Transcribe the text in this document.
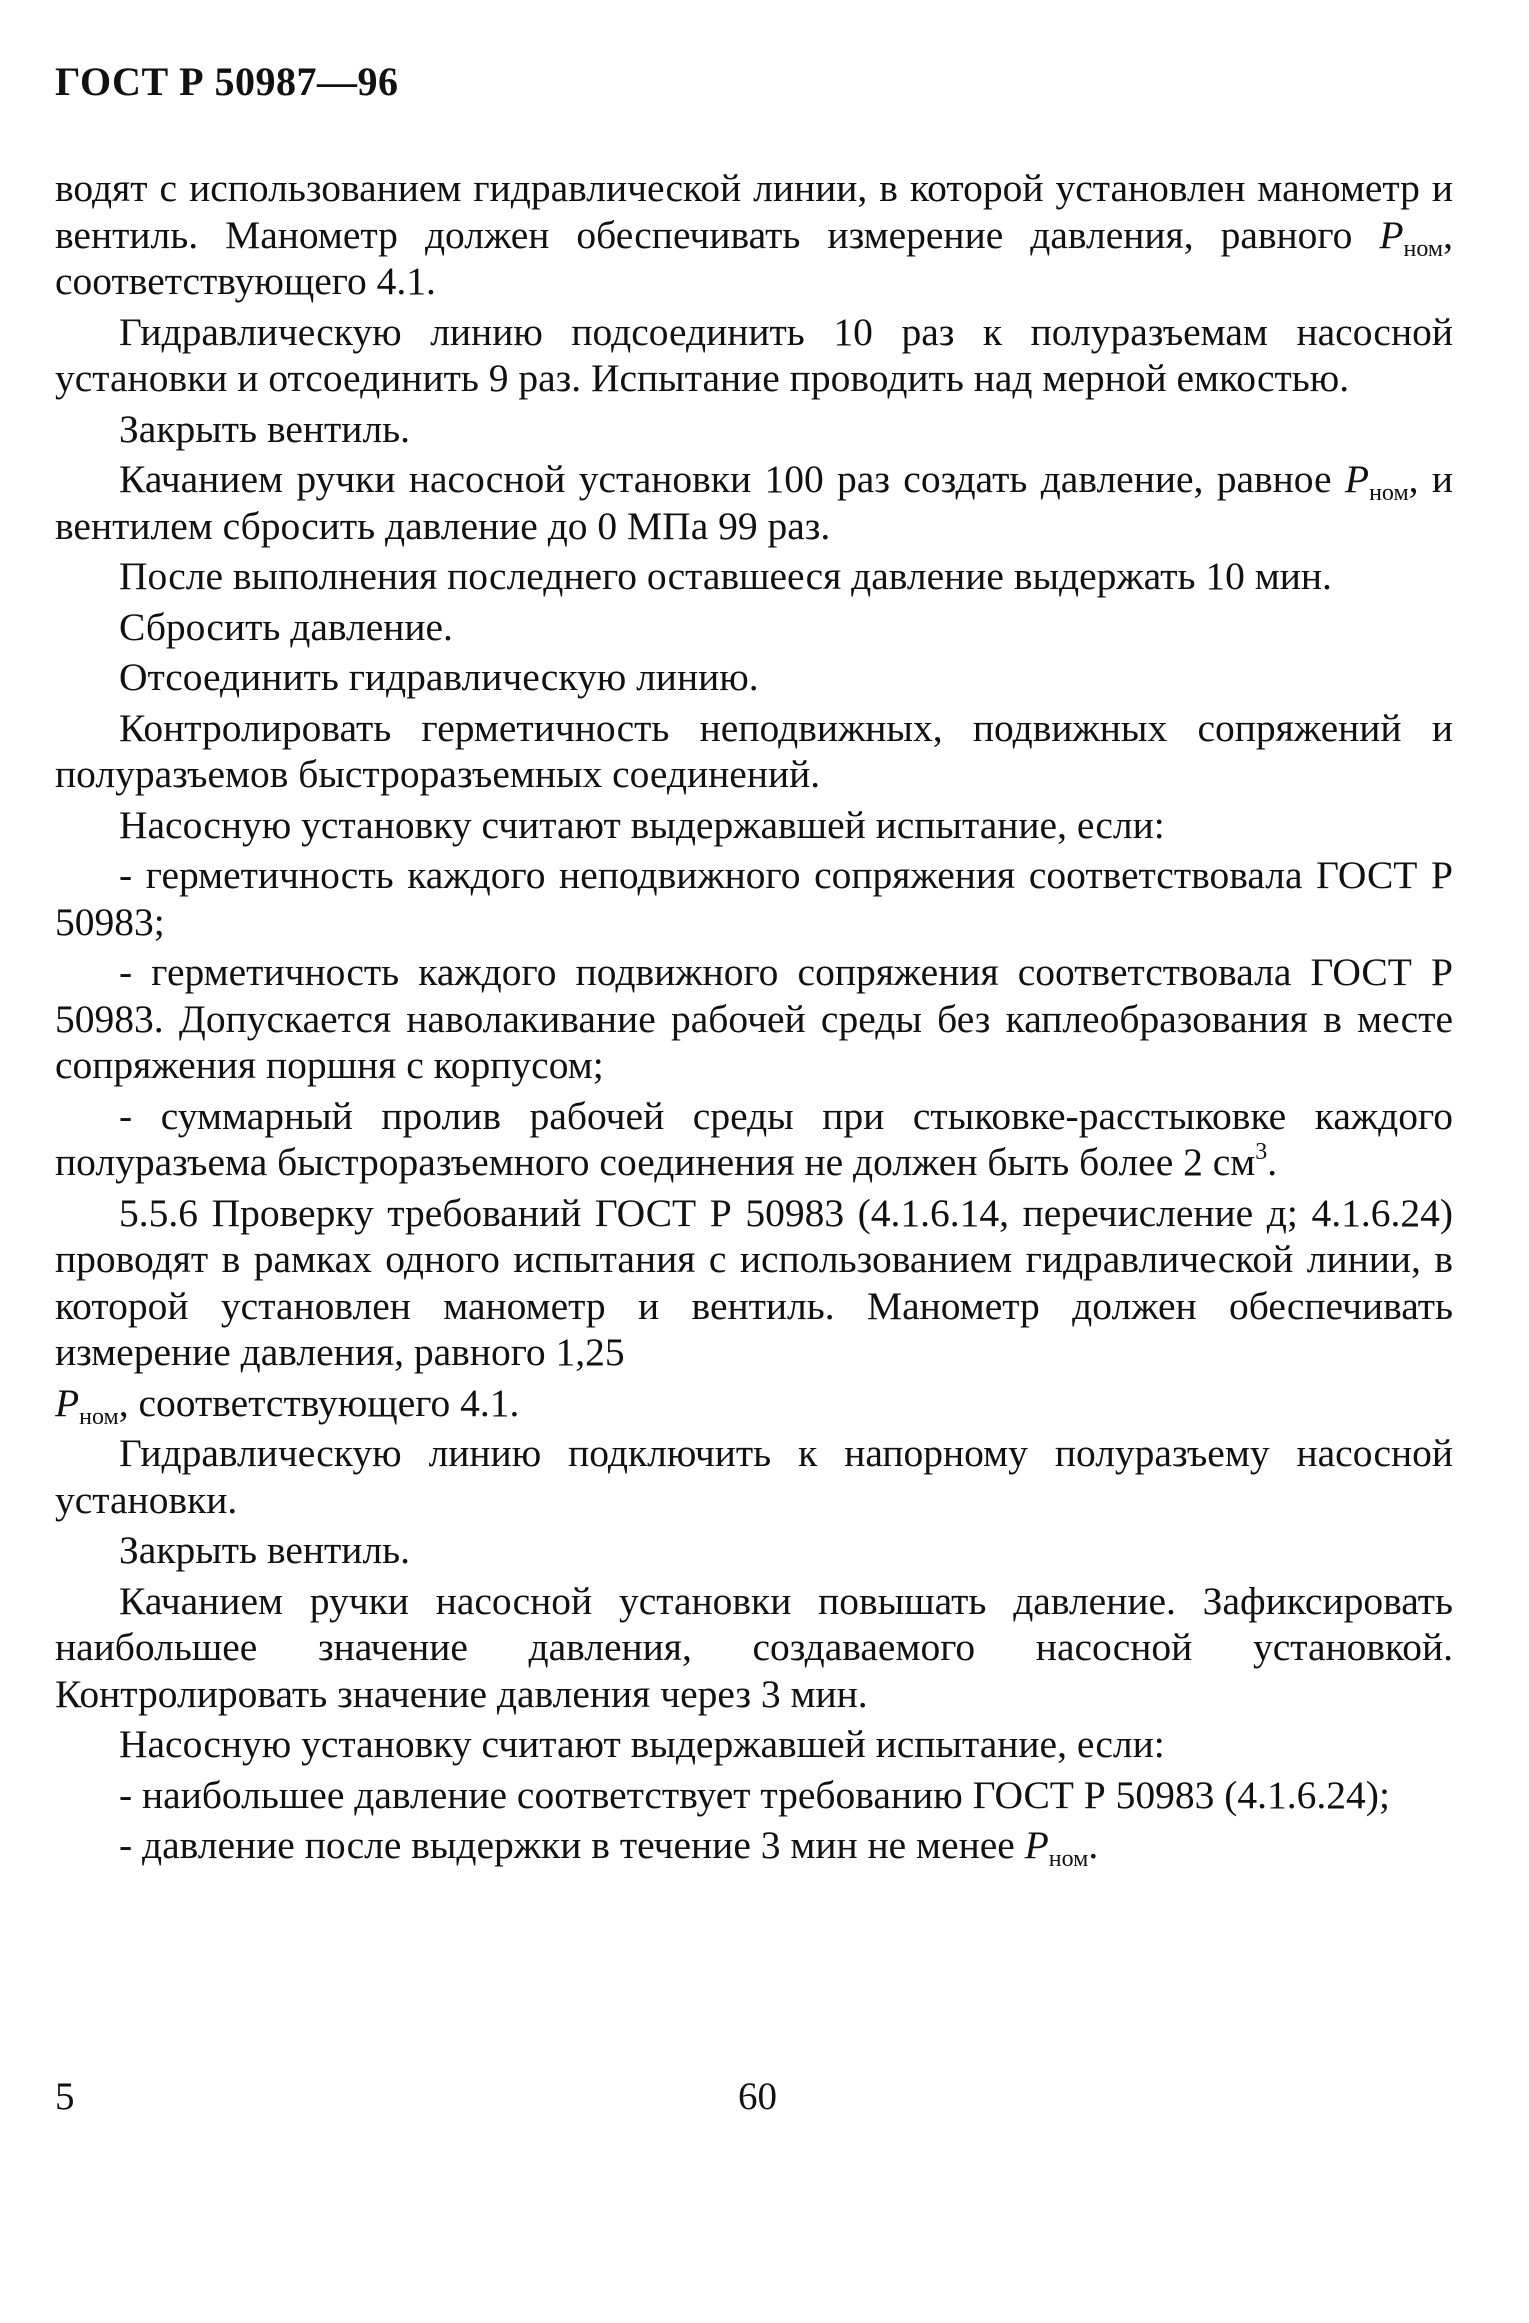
ГОСТ Р 50987—96

водят с использованием гидравлической линии, в которой установлен манометр и вентиль. Манометр должен обеспечивать измерение давления, равного $P_{ном}$, соответствующего 4.1.

Гидравлическую линию подсоединить 10 раз к полуразъемам насосной установки и отсоединить 9 раз. Испытание проводить над мерной емкостью.

Закрыть вентиль.

Качанием ручки насосной установки 100 раз создать давление, равное $P_{ном}$, и вентилем сбросить давление до 0 МПа 99 раз.

После выполнения последнего оставшееся давление выдержать 10 мин.

Сбросить давление.

Отсоединить гидравлическую линию.

Контролировать герметичность неподвижных, подвижных сопряжений и полуразъемов быстроразъемных соединений.

Насосную установку считают выдержавшей испытание, если:

- герметичность каждого неподвижного сопряжения соответствовала ГОСТ Р 50983;

- герметичность каждого подвижного сопряжения соответствовала ГОСТ Р 50983. Допускается наволакивание рабочей среды без каплеобразования в месте сопряжения поршня с корпусом;

- суммарный пролив рабочей среды при стыковке-расстыковке каждого полуразъема быстроразъемного соединения не должен быть более 2 $см^3$.

5.5.6 Проверку требований ГОСТ Р 50983 (4.1.6.14, перечисление д; 4.1.6.24) проводят в рамках одного испытания с использованием гидравлической линии, в которой установлен манометр и вентиль. Манометр должен обеспечивать измерение давления, равного 1,25

$P_{ном}$, соответствующего 4.1.

Гидравлическую линию подключить к напорному полуразъему насосной установки.

Закрыть вентиль.

Качанием ручки насосной установки повышать давление. Зафиксировать наибольшее значение давления, создаваемого насосной установкой. Контролировать значение давления через 3 мин.

Насосную установку считают выдержавшей испытание, если:

- наибольшее давление соответствует требованию ГОСТ Р 50983 (4.1.6.24);

- давление после выдержки в течение 3 мин не менее $P_{ном}$.

5	60
